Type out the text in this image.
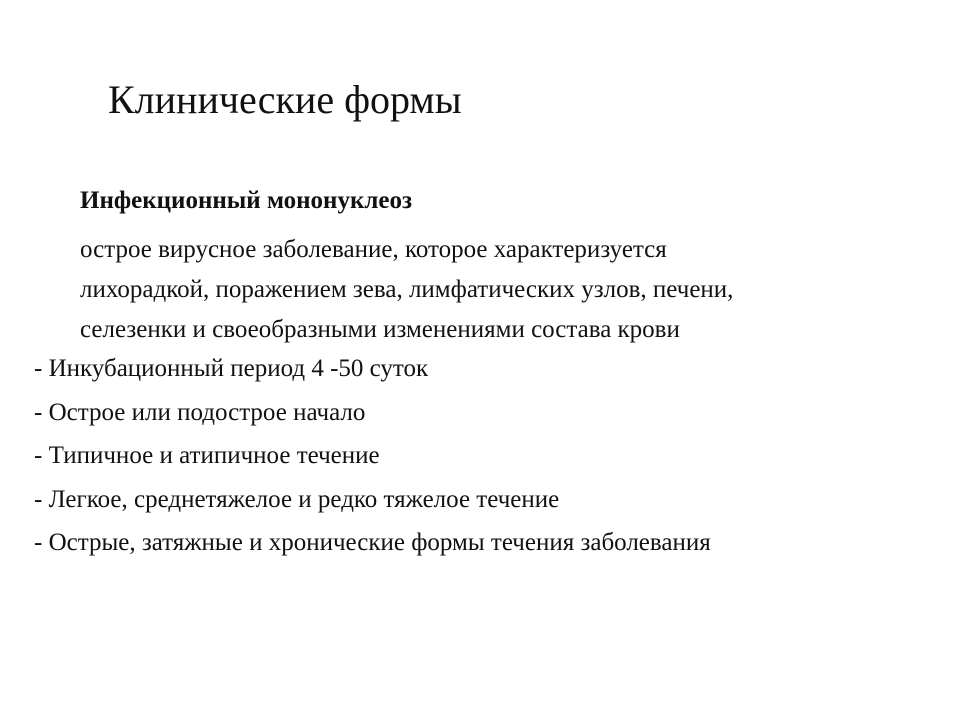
Клинические формы
Инфекционный мононуклеоз
острое вирусное заболевание, которое характеризуется
лихорадкой, поражением зева, лимфатических узлов, печени,
селезенки и своеобразными изменениями состава крови
- Инкубационный период 4 -50 суток
- Острое или подострое начало
- Типичное и атипичное течение
- Легкое, среднетяжелое и редко тяжелое течение
- Острые, затяжные и хронические формы течения заболевания
